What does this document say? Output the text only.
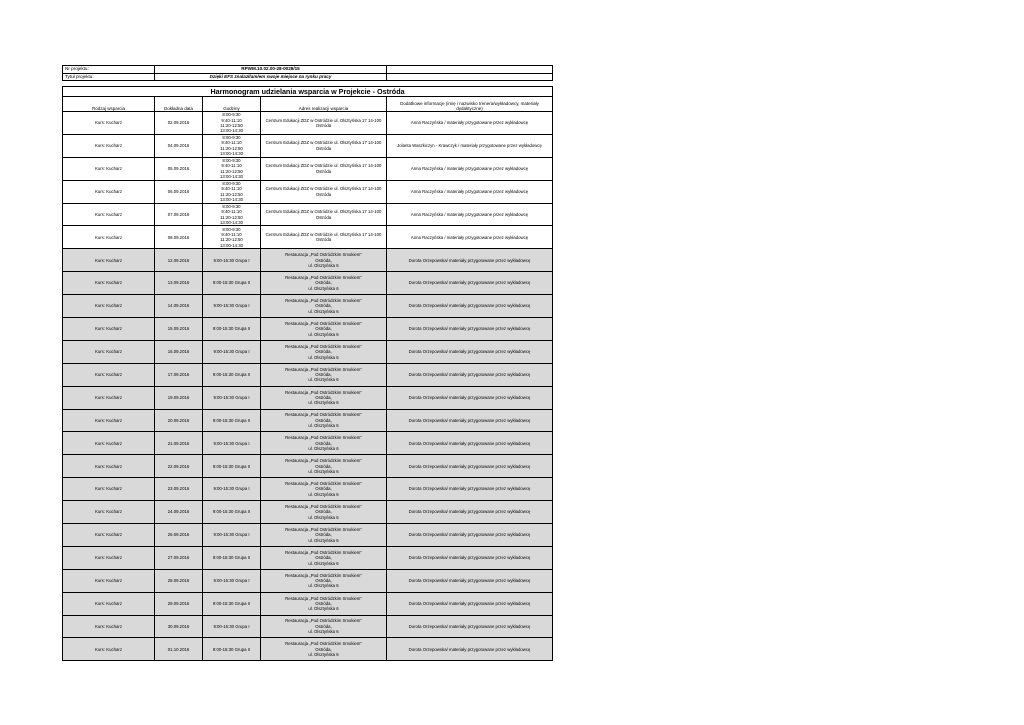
Nr projektu:	RPWM.10.02.00-28-0028/15	
Tytuł projektu:	Dzięki EFS znalazł/am/em swoje miejsce na rynku pracy	
Harmonogram udzielania wsparcia w Projekcie - Ostróda				
Rodzaj wsparcia	Dokładna data	Godziny	Adres realizacji wsparcia	Dodatkowe informacje (imię i nazwisko trenera/wykładowcy, materiały dydaktyczne)
Kurs: Kucharz	02.09.2016	8:00-9:30
9:40-11:10
11:20-12:50
13:00-14:30	Centrum Edukacji ZDZ w Ostródzie ul. Olsztyńska 17 14-100
Ostróda	Anna Raczyńska / materiały przygotowane przez wykładowcę
Kurs: Kucharz	04.09.2016	8:00-9:30
9:40-11:10
11:20-12:50
13:00-14:30	Centrum Edukacji ZDZ w Ostródzie ul. Olsztyńska 17 14-100
Ostróda	Jolanta Waszkiczyn - Krawczyk / materiały przygotowane przez wykładowcę
Kurs: Kucharz	05.09.2016	8:00-9:30
9:40-11:10
11:20-12:50
13:00-14:30	Centrum Edukacji ZDZ w Ostródzie ul. Olsztyńska 17 14-100
Ostróda	Anna Raczyńska / materiały przygotowane przez wykładowcę
Kurs: Kucharz	06.09.2016	8:00-9:30
9:40-11:10
11:20-12:50
13:00-14:30	Centrum Edukacji ZDZ w Ostródzie ul. Olsztyńska 17 14-100
Ostróda	Anna Raczyńska / materiały przygotowane przez wykładowcę
Kurs: Kucharz	07.09.2016	8:00-9:30
9:40-11:10
11:20-12:50
13:00-14:30	Centrum Edukacji ZDZ w Ostródzie ul. Olsztyńska 17 14-100
Ostróda	Anna Raczyńska / materiały przygotowane przez wykładowcę
Kurs: Kucharz	08.09.2016	8:00-9:30
9:40-11:10
11:20-12:50
13:00-14:30	Centrum Edukacji ZDZ w Ostródzie ul. Olsztyńska 17 14-100
Ostróda	Anna Raczyńska / materiały przygotowane przez wykładowcę
Kurs: Kucharz	12.09.2016	9:00-15:30 Grupa I	Restauracja „Pod Ostródzkim Smokiem”
Ostróda,
ul. Olsztyńska 6	Dorota Orzepowska/ materiały przygotowane przez wykładowcę
Kurs: Kucharz	13.09.2016	9:00-15:30 Grupa II	Restauracja „Pod Ostródzkim Smokiem”
Ostróda,
ul. Olsztyńska 6	Dorota Orzepowska/ materiały przygotowane przez wykładowcę
Kurs: Kucharz	14.09.2016	9:00-15:30 Grupa I	Restauracja „Pod Ostródzkim Smokiem”
Ostróda,
ul. Olsztyńska 6	Dorota Orzepowska/ materiały przygotowane przez wykładowcę
Kurs: Kucharz	15.09.2016	9:00-15:30 Grupa II	Restauracja „Pod Ostródzkim Smokiem”
Ostróda,
ul. Olsztyńska 6	Dorota Orzepowska/ materiały przygotowane przez wykładowcę
Kurs: Kucharz	16.09.2016	9:00-15:30 Grupa I	Restauracja „Pod Ostródzkim Smokiem”
Ostróda,
ul. Olsztyńska 6	Dorota Orzepowska/ materiały przygotowane przez wykładowcę
Kurs: Kucharz	17.09.2016	9:00-15:30 Grupa II	Restauracja „Pod Ostródzkim Smokiem”
Ostróda,
ul. Olsztyńska 6	Dorota Orzepowska/ materiały przygotowane przez wykładowcę
Kurs: Kucharz	19.09.2016	9:00-15:30 Grupa I	Restauracja „Pod Ostródzkim Smokiem”
Ostróda,
ul. Olsztyńska 6	Dorota Orzepowska/ materiały przygotowane przez wykładowcę
Kurs: Kucharz	20.09.2016	9:00-15:30 Grupa II	Restauracja „Pod Ostródzkim Smokiem”
Ostróda,
ul. Olsztyńska 6	Dorota Orzepowska/ materiały przygotowane przez wykładowcę
Kurs: Kucharz	21.09.2016	9:00-15:30 Grupa I	Restauracja „Pod Ostródzkim Smokiem”
Ostróda,
ul. Olsztyńska 6	Dorota Orzepowska/ materiały przygotowane przez wykładowcę
Kurs: Kucharz	22.09.2016	9:00-15:30 Grupa II	Restauracja „Pod Ostródzkim Smokiem”
Ostróda,
ul. Olsztyńska 6	Dorota Orzepowska/ materiały przygotowane przez wykładowcę
Kurs: Kucharz	23.09.2016	9:00-15:30 Grupa I	Restauracja „Pod Ostródzkim Smokiem”
Ostróda,
ul. Olsztyńska 6	Dorota Orzepowska/ materiały przygotowane przez wykładowcę
Kurs: Kucharz	24.09.2016	9:00-15:30 Grupa II	Restauracja „Pod Ostródzkim Smokiem”
Ostróda,
ul. Olsztyńska 6	Dorota Orzepowska/ materiały przygotowane przez wykładowcę
Kurs: Kucharz	26.09.2016	9:00-15:30 Grupa I	Restauracja „Pod Ostródzkim Smokiem”
Ostróda,
ul. Olsztyńska 6	Dorota Orzepowska/ materiały przygotowane przez wykładowcę
Kurs: Kucharz	27.09.2016	9:00-15:30 Grupa II	Restauracja „Pod Ostródzkim Smokiem”
Ostróda,
ul. Olsztyńska 6	Dorota Orzepowska/ materiały przygotowane przez wykładowcę
Kurs: Kucharz	28.09.2016	9:00-15:30 Grupa I	Restauracja „Pod Ostródzkim Smokiem”
Ostróda,
ul. Olsztyńska 6	Dorota Orzepowska/ materiały przygotowane przez wykładowcę
Kurs: Kucharz	29.09.2016	9:00-15:30 Grupa II	Restauracja „Pod Ostródzkim Smokiem”
Ostróda,
ul. Olsztyńska 6	Dorota Orzepowska/ materiały przygotowane przez wykładowcę
Kurs: Kucharz	30.09.2016	9:00-15:30 Grupa I	Restauracja „Pod Ostródzkim Smokiem”
Ostróda,
ul. Olsztyńska 6	Dorota Orzepowska/ materiały przygotowane przez wykładowcę
Kurs: Kucharz	01.10.2016	9:00-15:30 Grupa II	Restauracja „Pod Ostródzkim Smokiem”
Ostróda,
ul. Olsztyńska 6	Dorota Orzepowska/ materiały przygotowane przez wykładowcę
